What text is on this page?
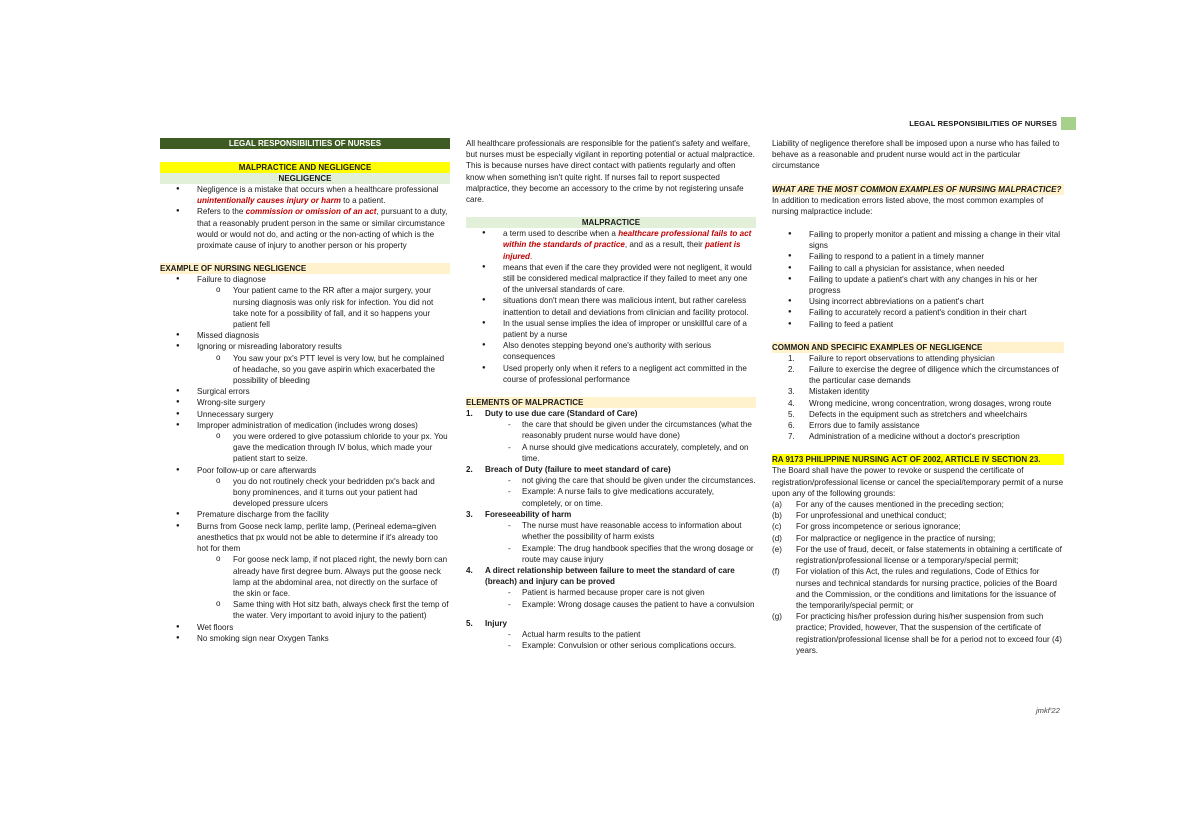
LEGAL RESPONSIBILITIES OF NURSES
LEGAL RESPONSIBILITIES OF NURSES
MALPRACTICE AND NEGLIGENCE
NEGLIGENCE
● Negligence is a mistake that occurs when a healthcare professional unintentionally causes injury or harm to a patient.
● Refers to the commission or omission of an act, pursuant to a duty, that a reasonably prudent person in the same or similar circumstance would or would not do, and acting or the non-acting of which is the proximate cause of injury to another person or his property
EXAMPLE OF NURSING NEGLIGENCE
● Failure to diagnose
o Your patient came to the RR after a major surgery, your nursing diagnosis was only risk for infection. You did not take note for a possibility of fall, and it so happens your patient fell
● Missed diagnosis
● Ignoring or misreading laboratory results
o You saw your px's PTT level is very low, but he complained of headache, so you gave aspirin which exacerbated the possibility of bleeding
● Surgical errors
● Wrong-site surgery
● Unnecessary surgery
● Improper administration of medication (includes wrong doses)
o you were ordered to give potassium chloride to your px. You gave the medication through IV bolus, which made your patient start to seize.
● Poor follow-up or care afterwards
o you do not routinely check your bedridden px's back and bony prominences, and it turns out your patient had developed pressure ulcers
● Premature discharge from the facility
● Burns from Goose neck lamp, perlite lamp, (Perineal edema=given anesthetics that px would not be able to determine if it's already too hot for them
o For goose neck lamp, if not placed right, the newly born can already have first degree burn. Always put the goose neck lamp at the abdominal area, not directly on the surface of the skin or face.
o Same thing with Hot sitz bath, always check first the temp of the water. Very important to avoid injury to the patient)
● Wet floors
● No smoking sign near Oxygen Tanks

All healthcare professionals are responsible for the patient's safety and welfare, but nurses must be especially vigilant in reporting potential or actual malpractice. This is because nurses have direct contact with patients regularly and often know when something isn't quite right. If nurses fail to report suspected malpractice, they become an accessory to the crime by not registering unsafe care.

MALPRACTICE
● a term used to describe when a healthcare professional fails to act within the standards of practice, and as a result, their patient is injured.
● means that even if the care they provided were not negligent, it would still be considered medical malpractice if they failed to meet any one of the universal standards of care.
● situations don't mean there was malicious intent, but rather careless inattention to detail and deviations from clinician and facility protocol.
● In the usual sense implies the idea of improper or unskillful care of a patient by a nurse
● Also denotes stepping beyond one's authority with serious consequences
● Used properly only when it refers to a negligent act committed in the course of professional performance
ELEMENTS OF MALPRACTICE
1. Duty to use due care (Standard of Care)
- the care that should be given under the circumstances (what the reasonably prudent nurse would have done)
- A nurse should give medications accurately, completely, and on time.
2. Breach of Duty (failure to meet standard of care)
- not giving the care that should be given under the circumstances.
- Example: A nurse fails to give medications accurately, completely, or on time.
3. Foreseeability of harm
- The nurse must have reasonable access to information about whether the possibility of harm exists
- Example: The drug handbook specifies that the wrong dosage or route may cause injury
4. A direct relationship between failure to meet the standard of care (breach) and injury can be proved
- Patient is harmed because proper care is not given
- Example: Wrong dosage causes the patient to have a convulsion
5. Injury
- Actual harm results to the patient
- Example: Convulsion or other serious complications occurs.

Liability of negligence therefore shall be imposed upon a nurse who has failed to behave as a reasonable and prudent nurse would act in the particular circumstance

WHAT ARE THE MOST COMMON EXAMPLES OF NURSING MALPRACTICE?

In addition to medication errors listed above, the most common examples of nursing malpractice include:

● Failing to properly monitor a patient and missing a change in their vital signs
● Failing to respond to a patient in a timely manner
● Failing to call a physician for assistance, when needed
● Failing to update a patient's chart with any changes in his or her progress
● Using incorrect abbreviations on a patient's chart
● Failing to accurately record a patient's condition in their chart
● Failing to feed a patient
COMMON AND SPECIFIC EXAMPLES OF NEGLIGENCE
1. Failure to report observations to attending physician
2. Failure to exercise the degree of diligence which the circumstances of the particular case demands
3. Mistaken identity
4. Wrong medicine, wrong concentration, wrong dosages, wrong route
5. Defects in the equipment such as stretchers and wheelchairs
6. Errors due to family assistance
7. Administration of a medicine without a doctor's prescription
RA 9173 PHILIPPINE NURSING ACT OF 2002, ARTICLE IV SECTION 23.

The Board shall have the power to revoke or suspend the certificate of registration/professional license or cancel the special/temporary permit of a nurse upon any of the following grounds:

(a) For any of the causes mentioned in the preceding section;
(b) For unprofessional and unethical conduct;
(c) For gross incompetence or serious ignorance;
(d) For malpractice or negligence in the practice of nursing;
(e) For the use of fraud, deceit, or false statements in obtaining a certificate of registration/professional license or a temporary/special permit;
(f) For violation of this Act, the rules and regulations, Code of Ethics for nurses and technical standards for nursing practice, policies of the Board and the Commission, or the conditions and limitations for the issuance of the temporarily/special permit; or
(g) For practicing his/her profession during his/her suspension from such practice; Provided, however, That the suspension of the certificate of registration/professional license shall be for a period not to exceed four (4) years.
jmkf'22
